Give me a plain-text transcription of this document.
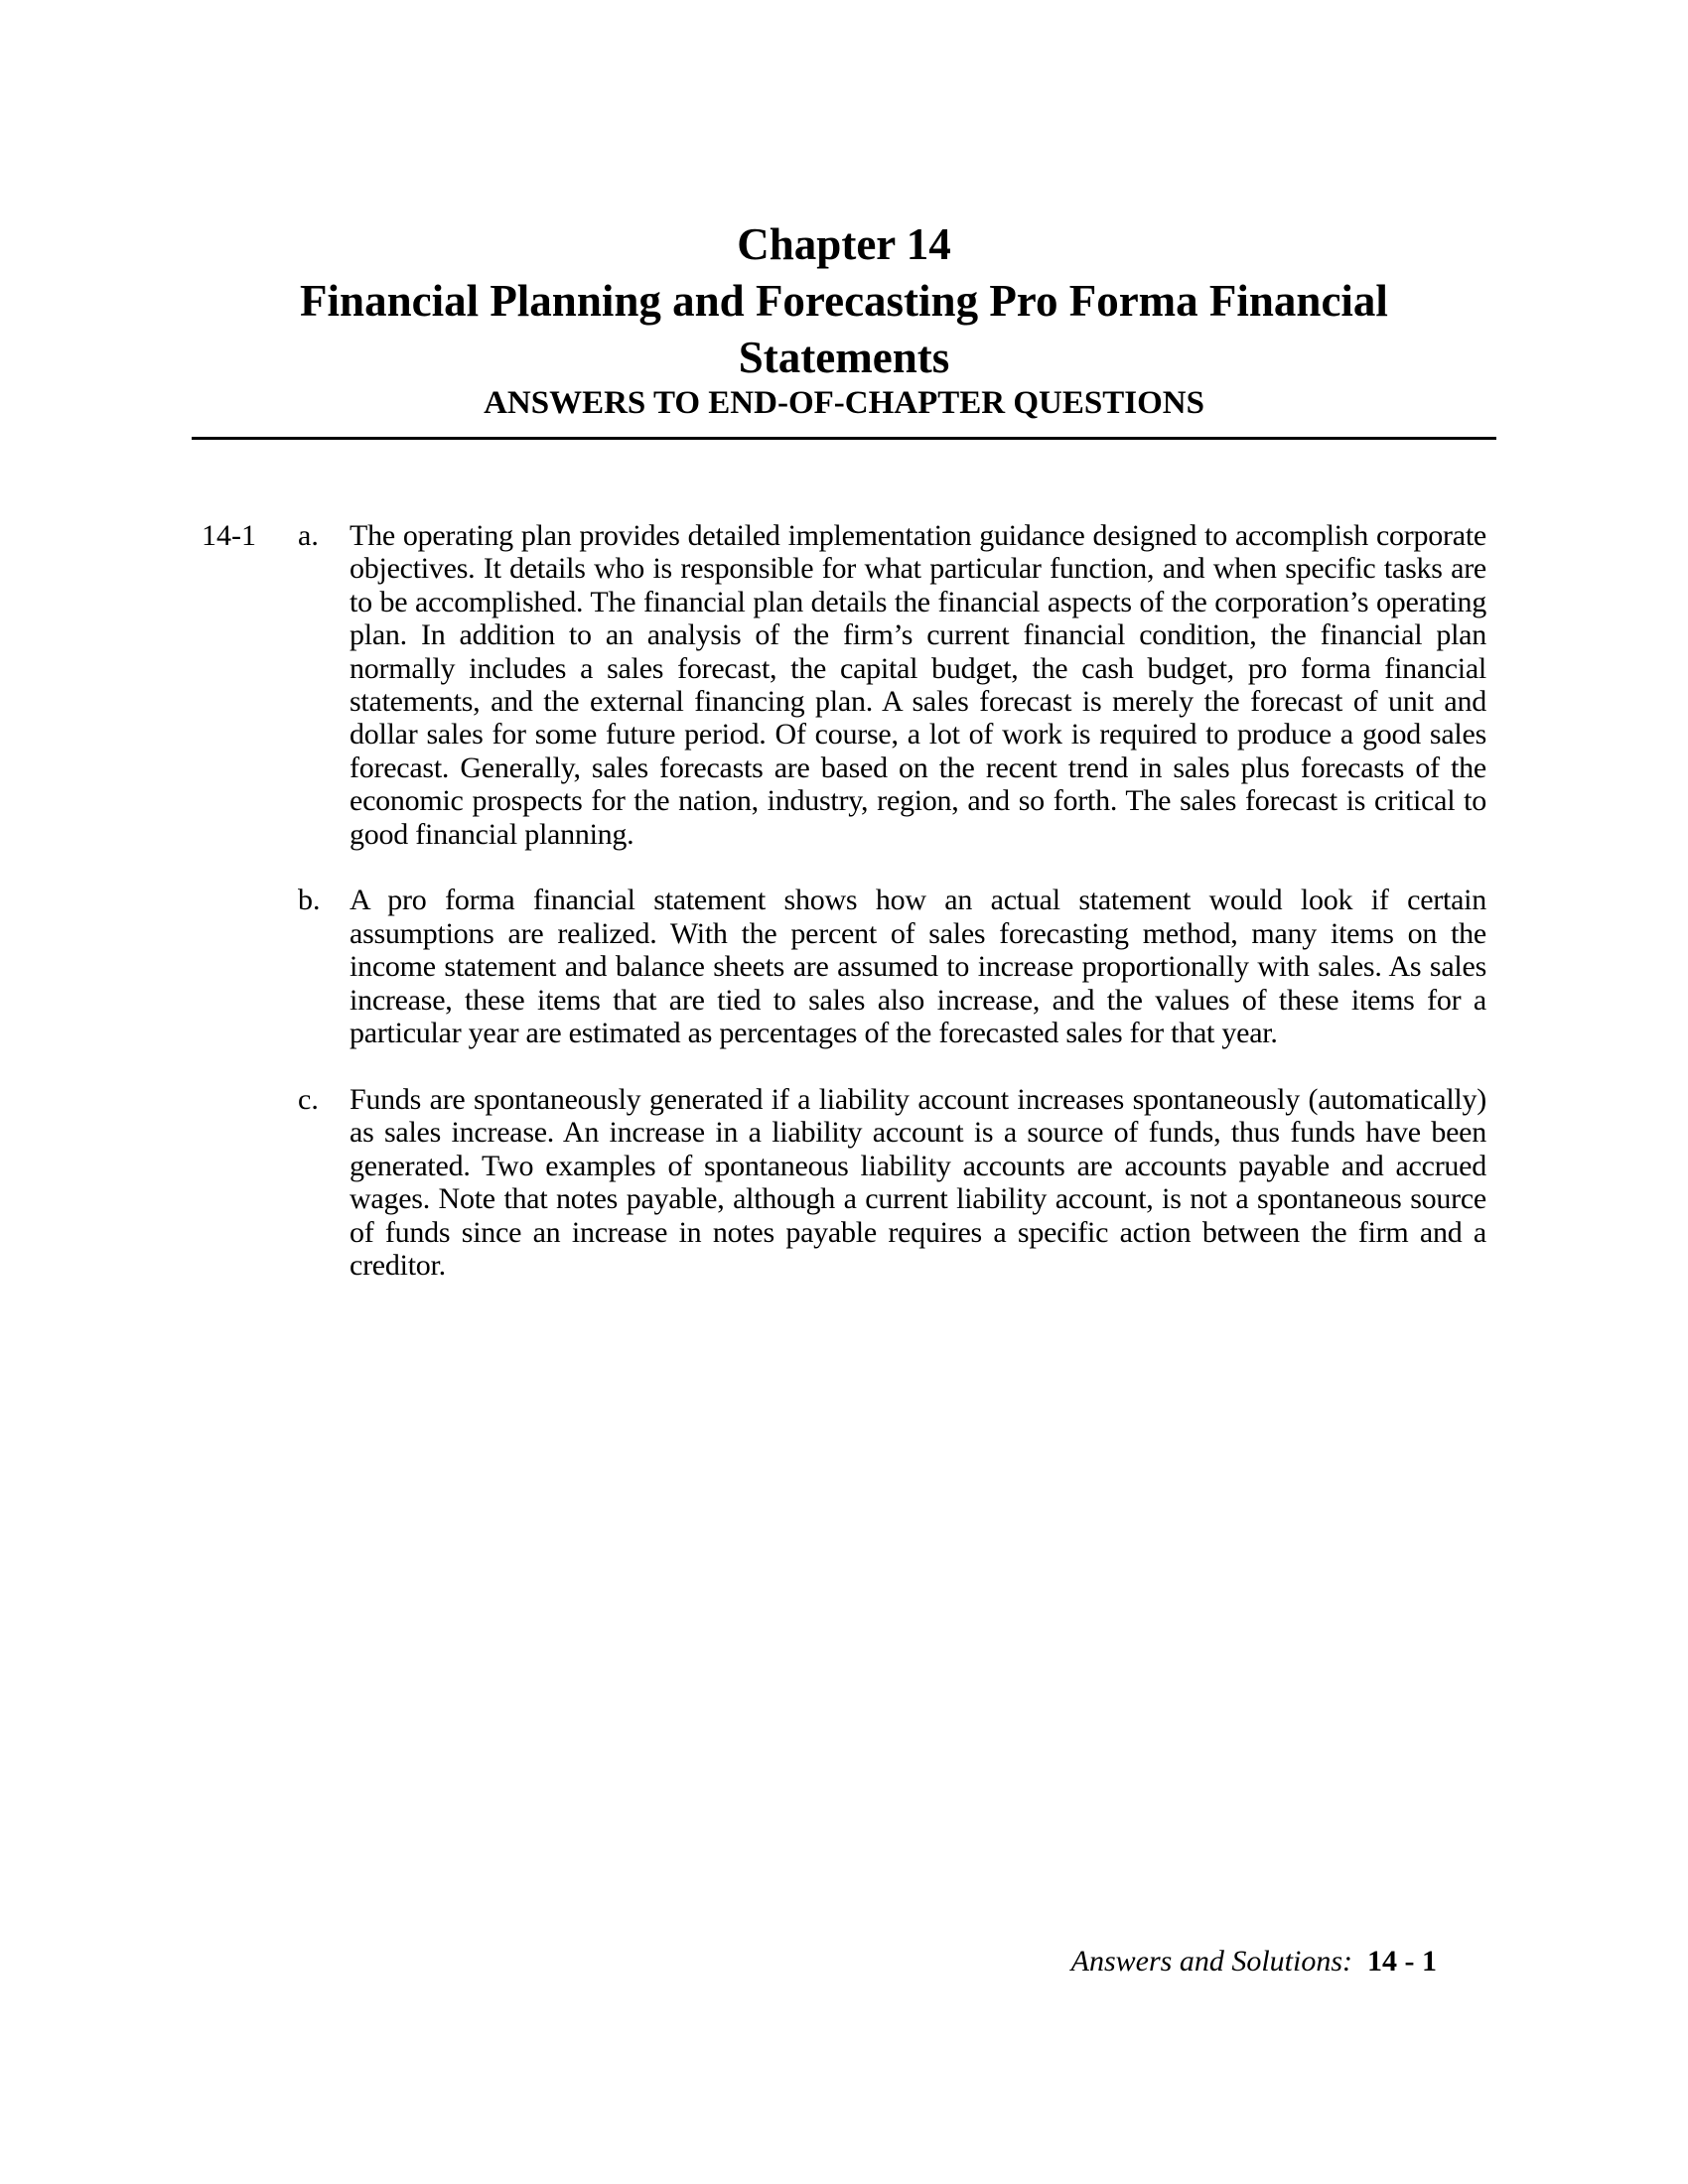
Chapter 14
Financial Planning and Forecasting Pro Forma Financial
Statements
ANSWERS TO END-OF-CHAPTER QUESTIONS
14-1 a. The operating plan provides detailed implementation guidance designed to accomplish corporate objectives. It details who is responsible for what particular function, and when specific tasks are to be accomplished. The financial plan details the financial aspects of the corporation’s operating plan. In addition to an analysis of the firm’s current financial condition, the financial plan normally includes a sales forecast, the capital budget, the cash budget, pro forma financial statements, and the external financing plan. A sales forecast is merely the forecast of unit and dollar sales for some future period. Of course, a lot of work is required to produce a good sales forecast. Generally, sales forecasts are based on the recent trend in sales plus forecasts of the economic prospects for the nation, industry, region, and so forth. The sales forecast is critical to good financial planning.

b. A pro forma financial statement shows how an actual statement would look if certain assumptions are realized. With the percent of sales forecasting method, many items on the income statement and balance sheets are assumed to increase proportionally with sales. As sales increase, these items that are tied to sales also increase, and the values of these items for a particular year are estimated as percentages of the forecasted sales for that year.

c. Funds are spontaneously generated if a liability account increases spontaneously (automatically) as sales increase. An increase in a liability account is a source of funds, thus funds have been generated. Two examples of spontaneous liability accounts are accounts payable and accrued wages. Note that notes payable, although a current liability account, is not a spontaneous source of funds since an increase in notes payable requires a specific action between the firm and a creditor.

Answers and Solutions: 14 - 1
